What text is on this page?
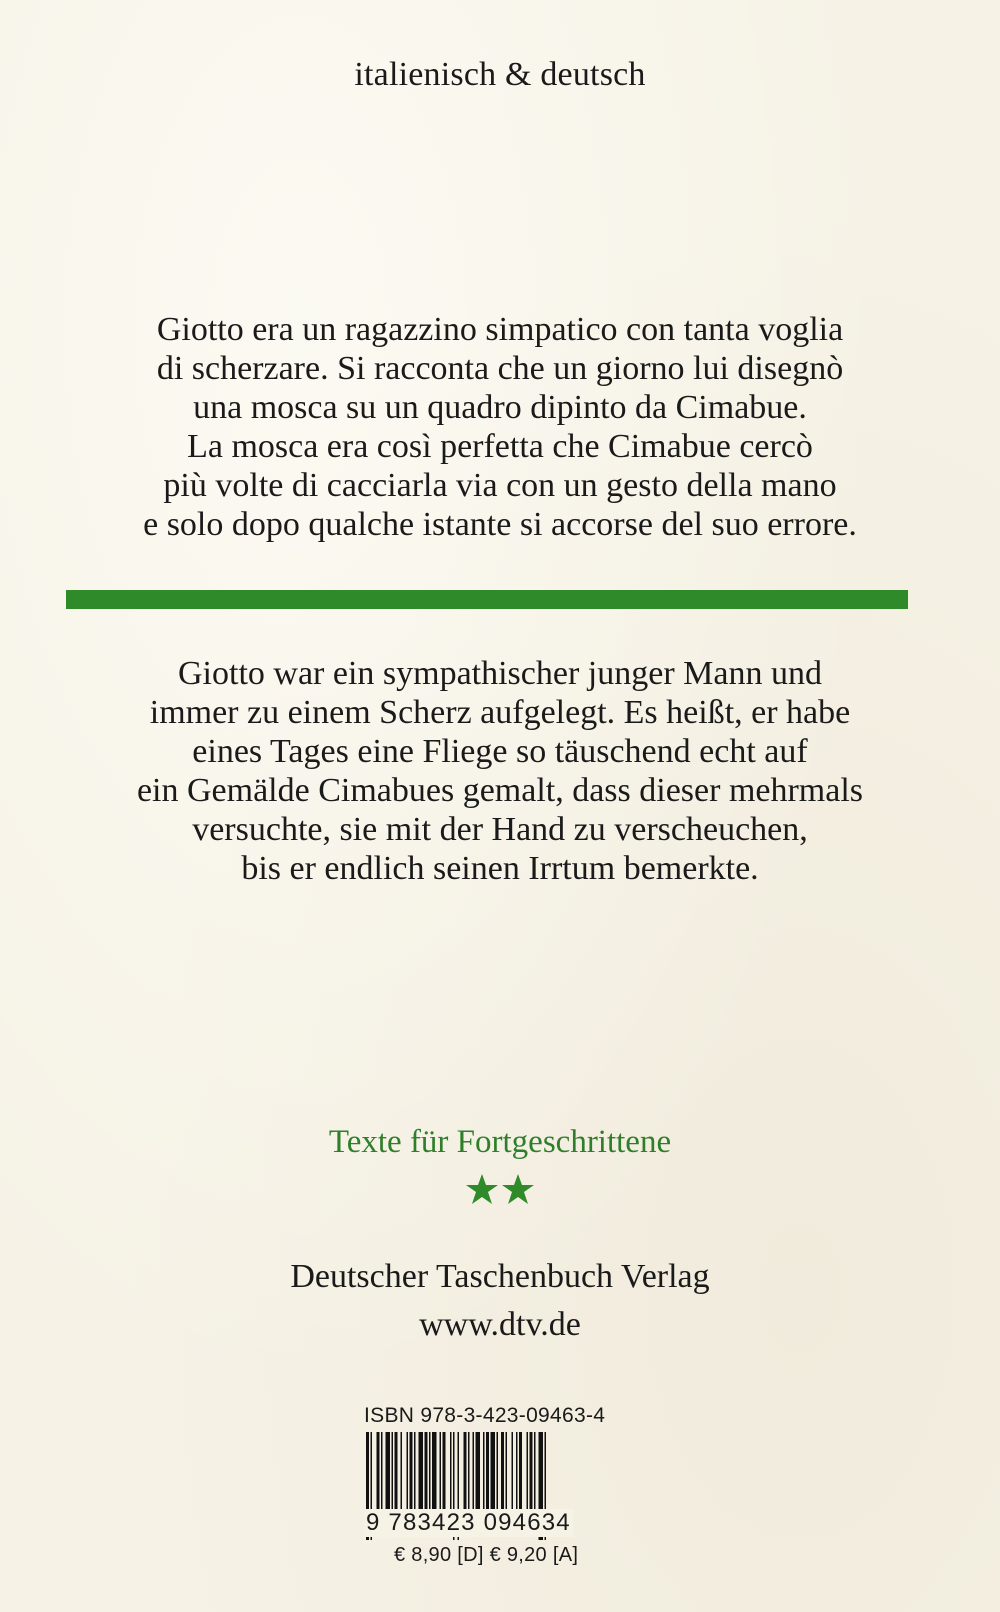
italienisch & deutsch
Giotto era un ragazzino simpatico con tanta voglia
di scherzare. Si racconta che un giorno lui disegnò
una mosca su un quadro dipinto da Cimabue.
La mosca era così perfetta che Cimabue cercò
più volte di cacciarla via con un gesto della mano
e solo dopo qualche istante si accorse del suo errore.
Giotto war ein sympathischer junger Mann und
immer zu einem Scherz aufgelegt. Es heißt, er habe
eines Tages eine Fliege so täuschend echt auf
ein Gemälde Cimabues gemalt, dass dieser mehrmals
versuchte, sie mit der Hand zu verscheuchen,
bis er endlich seinen Irrtum bemerkte.
Texte für Fortgeschrittene
Deutscher Taschenbuch Verlag
www.dtv.de
ISBN 978-3-423-09463-4
9 783423 094634
€ 8,90 [D] € 9,20 [A]
